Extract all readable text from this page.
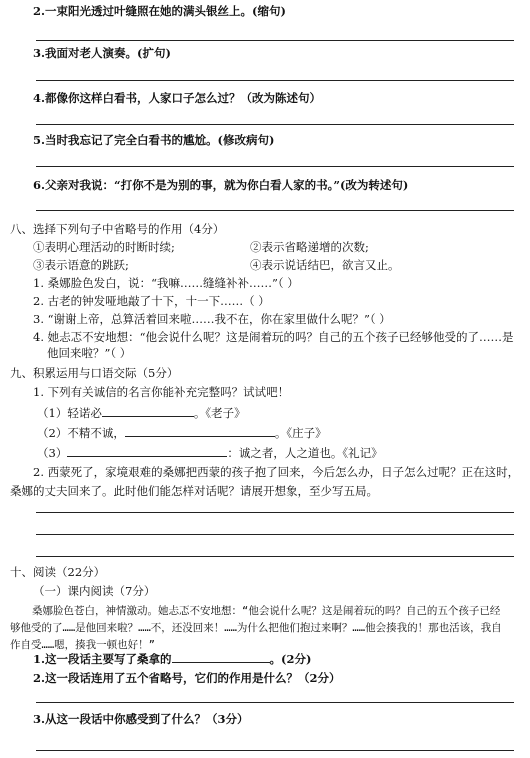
2.一束阳光透过叶缝照在她的满头银丝上。(缩句)
3.我面对老人演奏。(扩句)
4.都像你这样白看书，人家口子怎么过？（改为陈述句）
5.当时我忘记了完全白看书的尴尬。(修改病句)
6.父亲对我说：“打你不是为别的事，就为你白看人家的书。”(改为转述句)
八、选择下列句子中省略号的作用（4分）
①表明心理活动的时断时续;	②表示省略递增的次数;
③表示语意的跳跃;	④表示说话结巴，欲言又止。
1. 桑娜脸色发白，说：“我嘛……缝缝补补……”（ ）
2. 古老的钟发哑地敲了十下，十一下……（ ）
3. “谢谢上帝，总算活着回来啦……我不在，你在家里做什么呢？”（ ）
4. 她忐忑不安地想：“他会说什么呢？这是闹着玩的吗？自己的五个孩子已经够他受的了……是
他回来啦？”（ ）
九、积累运用与口语交际（5分）
1. 下列有关诚信的名言你能补充完整吗？试试吧！
（1）轻诺必	。《老子》
（2）不精不诚，	。《庄子》
（3）	：诚之者，人之道也。《礼记》
2. 西蒙死了，家境艰难的桑娜把西蒙的孩子抱了回来，今后怎么办，日子怎么过呢？正在这时，
桑娜的丈夫回来了。此时他们能怎样对话呢？请展开想象，至少写五局。
十、阅读（22分）
（一）课内阅读（7分）
桑娜脸色苍白，神情激动。她忐忑不安地想：“他会说什么呢？这是闹着玩的吗？自己的五个孩子已经够他受的了……是他回来啦？……不，还没回来！……为什么把他们抱过来啊？……他会揍我的！那也活该，我自作自受……嗯，揍我一顿也好！”
1.这一段话主要写了桑拿的	。(2分)
2.这一段话连用了五个省略号，它们的作用是什么？（2分）
3.从这一段话中你感受到了什么？（3分）
